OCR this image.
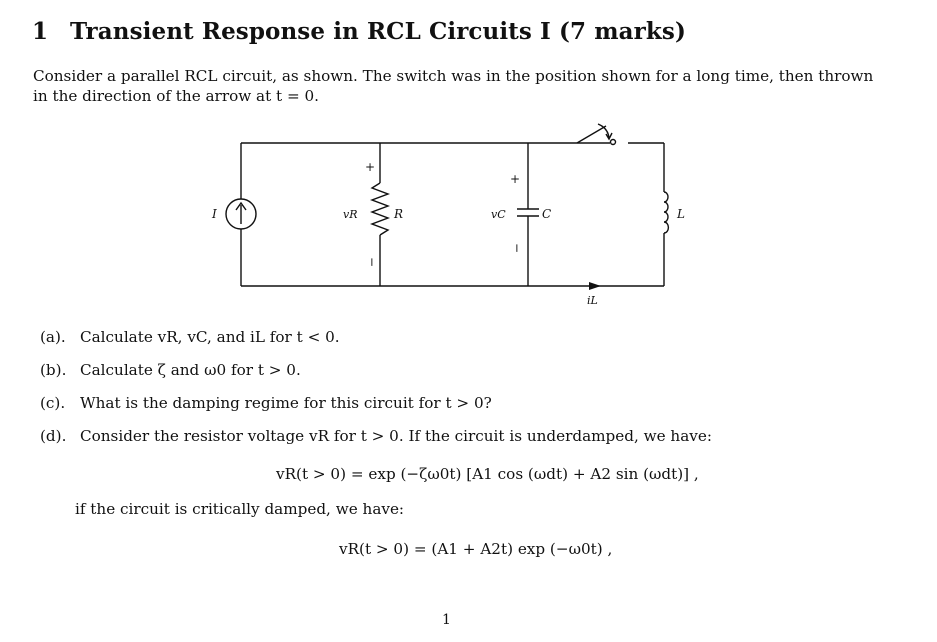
1 Transient Response in RCL Circuits I (7 marks)
Consider a parallel RCL circuit, as shown. The switch was in the position shown for a long time, then thrown in the direction of the arrow at t = 0.
I
+
−
vR	R
+
−
vC	C	L
iL
(a). Calculate vR, vC, and iL for t < 0.
(b). Calculate ζ and ω0 for t > 0.
(c). What is the damping regime for this circuit for t > 0?
(d). Consider the resistor voltage vR for t > 0. If the circuit is underdamped, we have:
vR(t > 0) = exp (−ζω0t) [A1 cos (ωdt) + A2 sin (ωdt)] ,
if the circuit is critically damped, we have:
vR(t > 0) = (A1 + A2t) exp (−ω0t) ,
1
